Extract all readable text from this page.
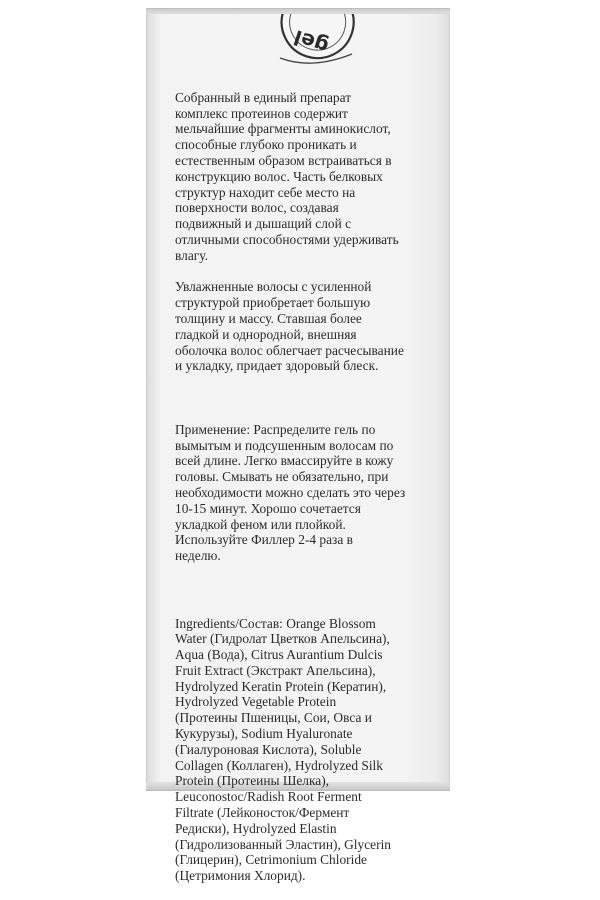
gel

Собранный в единый препарат
комплекс протеинов содержит
мельчайшие фрагменты аминокислот,
способные глубоко проникать и
естественным образом встраиваться в
конструкцию волос. Часть белковых
структур находит себе место на
поверхности волос, создавая
подвижный и дышащий слой с
отличными способностями удерживать
влагу.

Увлажненные волосы с усиленной
структурой приобретает большую
толщину и массу. Ставшая более
гладкой и однородной, внешняя
оболочка волос облегчает расчесывание
и укладку, придает здоровый блеск.

Применение: Распределите гель по
вымытым и подсушенным волосам по
всей длине. Легко вмассируйте в кожу
головы. Смывать не обязательно, при
необходимости можно сделать это через
10-15 минут. Хорошо сочетается
укладкой феном или плойкой.
Используйте Филлер 2-4 раза в
неделю.

Ingredients/Состав: Orange Blossom
Water (Гидролат Цветков Апельсина),
Aqua (Вода), Citrus Aurantium Dulcis
Fruit Extract (Экстракт Апельсина),
Hydrolyzed Keratin Protein (Кератин),
Hydrolyzed Vegetable Protein
(Протеины Пшеницы, Сои, Овса и
Кукурузы), Sodium Hyaluronate
(Гиалуроновая Кислота), Soluble
Collagen (Коллаген), Hydrolyzed Silk
Protein (Протеины Шелка),
Leuconostoc/Radish Root Ferment
Filtrate (Лейконосток/Фермент
Редиски), Hydrolyzed Elastin
(Гидролизованный Эластин), Glycerin
(Глицерин), Cetrimonium Chloride
(Цетримония Хлорид).
